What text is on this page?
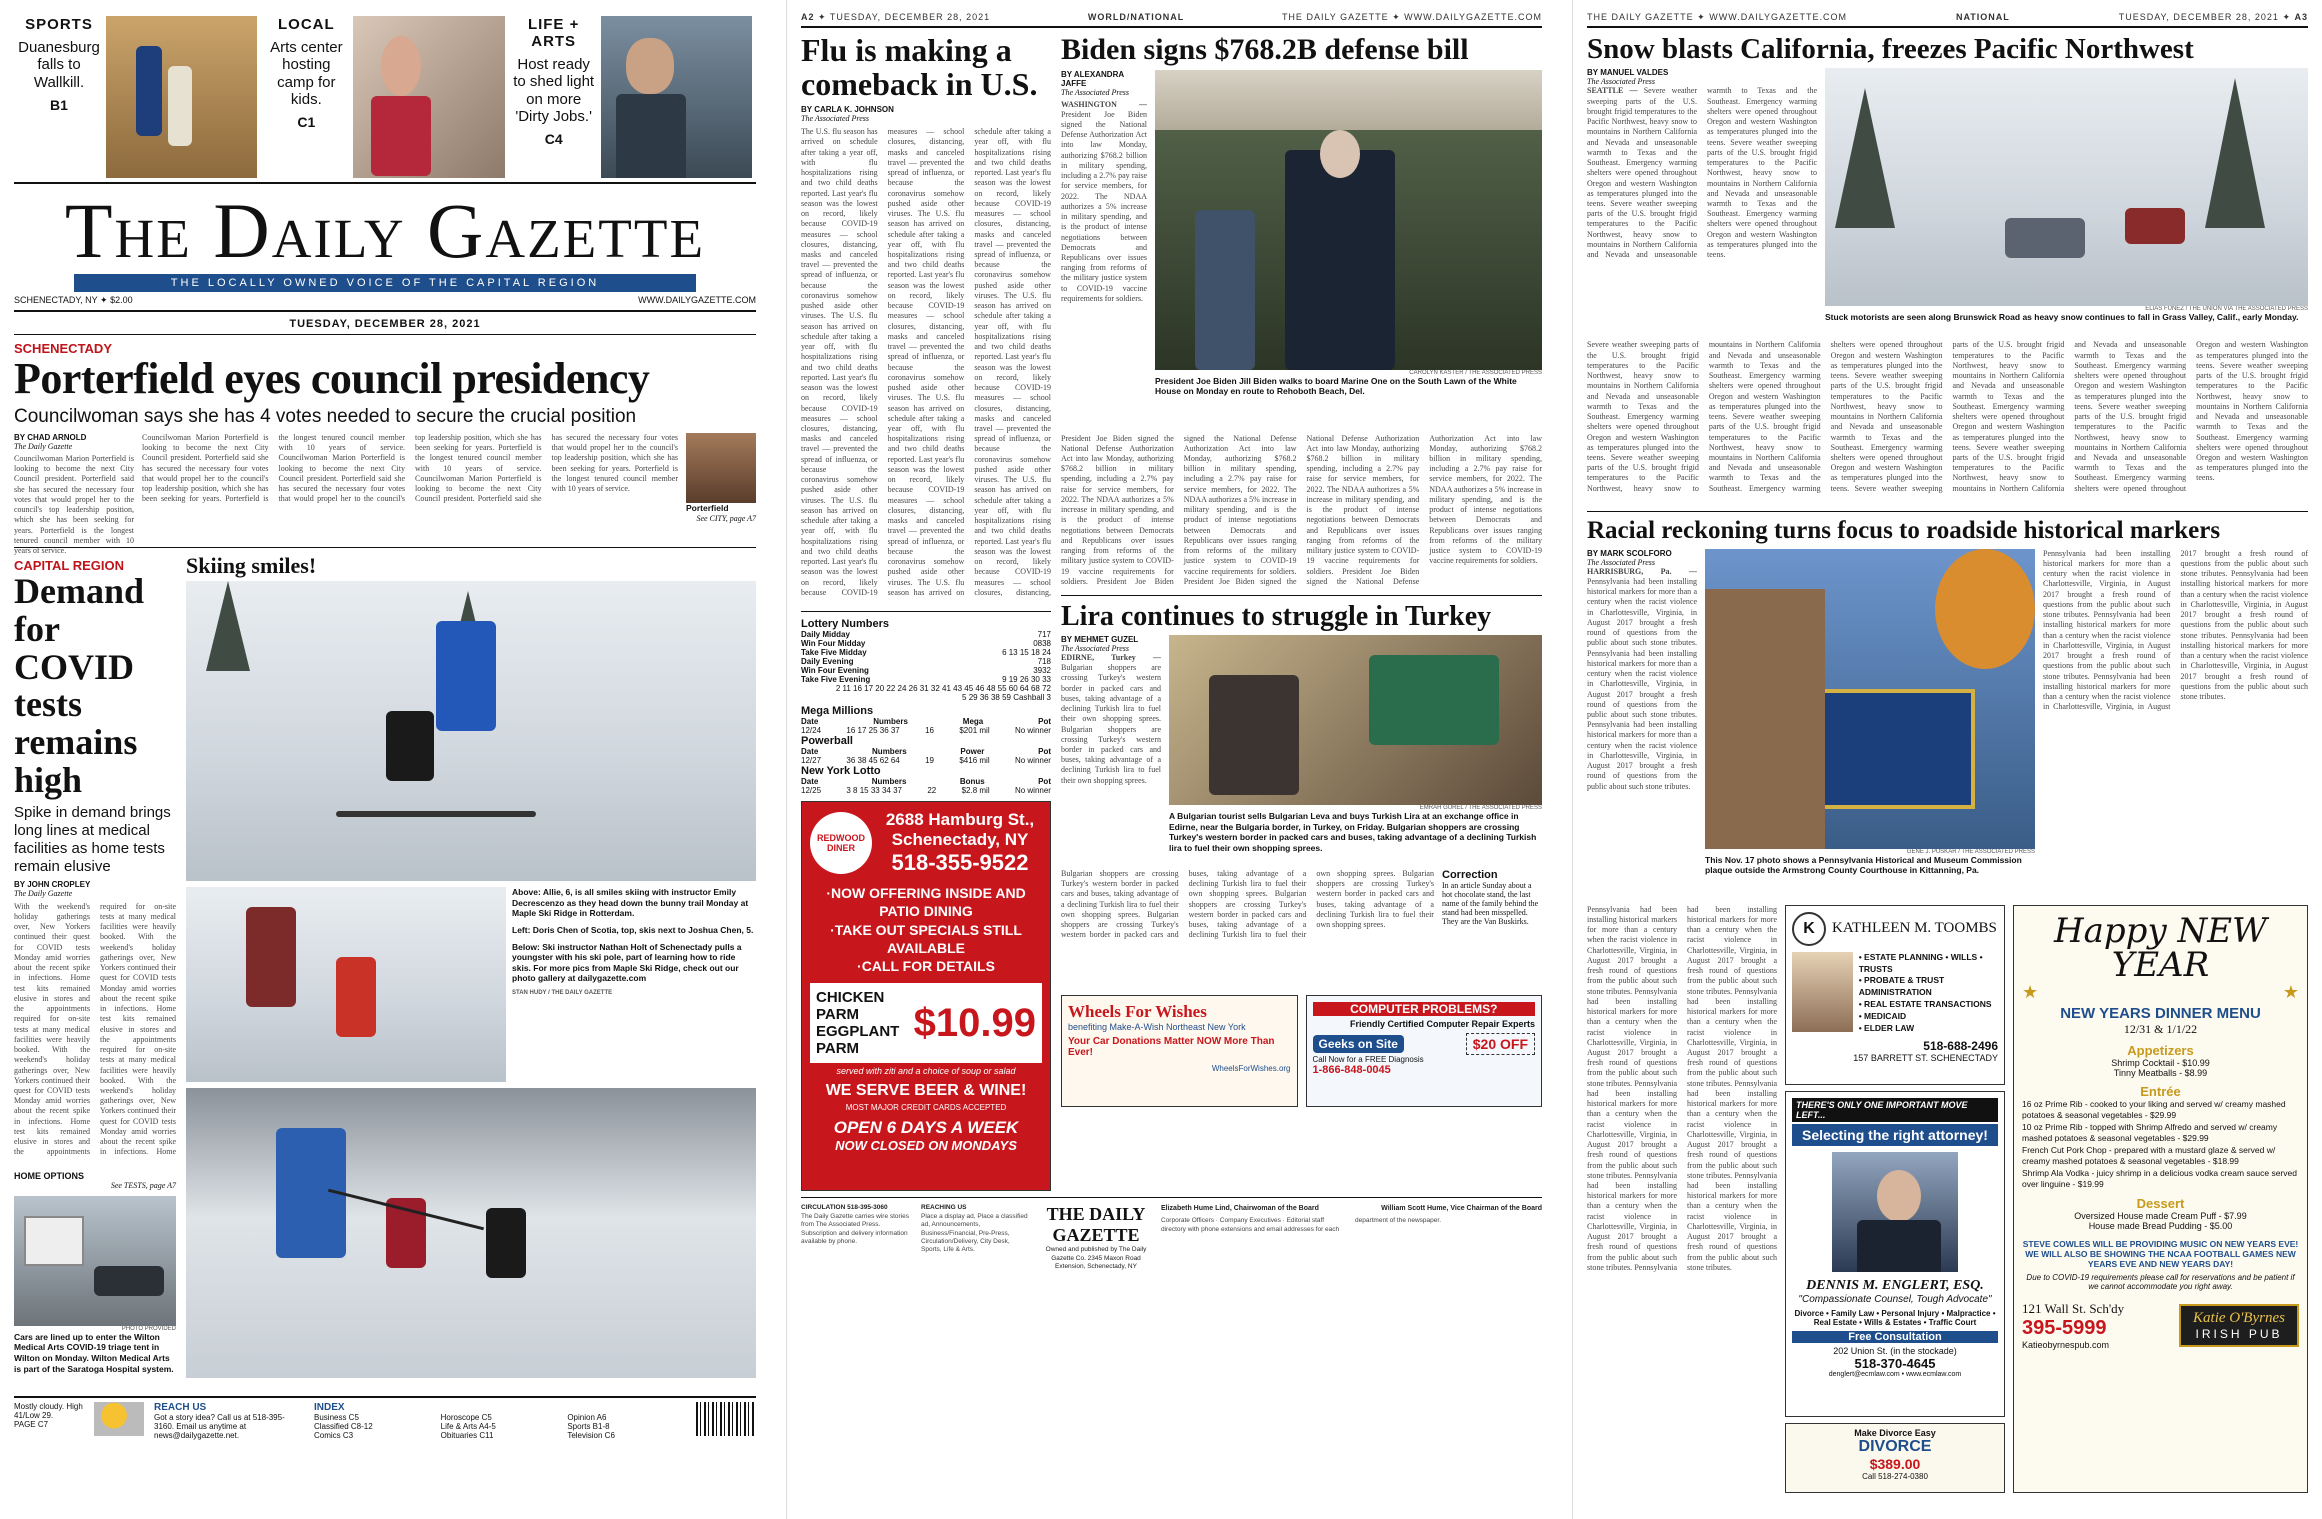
SPORTS
Duanesburg falls to Wallkill.
B1
LOCAL
Arts center hosting camp for kids.
C1
LIFE + ARTS
Host ready to shed light on more 'Dirty Jobs.'
C4
The Daily Gazette
THE LOCALLY OWNED VOICE OF THE CAPITAL REGION
SCHENECTADY, NY ✦ $2.00	WWW.DAILYGAZETTE.COM
TUESDAY, DECEMBER 28, 2021
SCHENECTADY
Porterfield eyes council presidency
Councilwoman says she has 4 votes needed to secure the crucial position
BY CHAD ARNOLD
The Daily Gazette
Councilwoman Marion Porterfield is looking to become the next City Council president. Porterfield said she has secured the necessary four votes that would propel her to the council's top leadership position, which she has been seeking for years. Porterfield is the longest tenured council member with 10 years of service.
Councilwoman Marion Porterfield is looking to become the next City Council president. Porterfield said she has secured the necessary four votes that would propel her to the council's top leadership position, which she has been seeking for years. Porterfield is the longest tenured council member with 10 years of service. Councilwoman Marion Porterfield is looking to become the next City Council president. Porterfield said she has secured the necessary four votes that would propel her to the council's top leadership position, which she has been seeking for years. Porterfield is the longest tenured council member with 10 years of service. Councilwoman Marion Porterfield is looking to become the next City Council president. Porterfield said she has secured the necessary four votes that would propel her to the council's top leadership position, which she has been seeking for years. Porterfield is the longest tenured council member with 10 years of service.
Porterfield
See CITY, page A7
CAPITAL REGION
Demand for COVID tests remains high
Spike in demand brings long lines at medical facilities as home tests remain elusive
BY JOHN CROPLEY
The Daily Gazette
With the weekend's holiday gatherings over, New Yorkers continued their quest for COVID tests Monday amid worries about the recent spike in infections. Home test kits remained elusive in stores and the appointments required for on-site tests at many medical facilities were heavily booked. With the weekend's holiday gatherings over, New Yorkers continued their quest for COVID tests Monday amid worries about the recent spike in infections. Home test kits remained elusive in stores and the appointments required for on-site tests at many medical facilities were heavily booked. With the weekend's holiday gatherings over, New Yorkers continued their quest for COVID tests Monday amid worries about the recent spike in infections. Home test kits remained elusive in stores and the appointments required for on-site tests at many medical facilities were heavily booked. With the weekend's holiday gatherings over, New Yorkers continued their quest for COVID tests Monday amid worries about the recent spike in infections. Home
HOME OPTIONS
See TESTS, page A7
PHOTO PROVIDED
Cars are lined up to enter the Wilton Medical Arts COVID-19 triage tent in Wilton on Monday. Wilton Medical Arts is part of the Saratoga Hospital system.
Skiing smiles!

Above: Allie, 6, is all smiles skiing with instructor Emily Decrescenzo as they head down the bunny trail Monday at Maple Ski Ridge in Rotterdam.

Left: Doris Chen of Scotia, top, skis next to Joshua Chen, 5.

Below: Ski instructor Nathan Holt of Schenectady pulls a youngster with his ski pole, part of learning how to ride skis. For more pics from Maple Ski Ridge, check out our photo gallery at dailygazette.com

STAN HUDY / THE DAILY GAZETTE

Mostly cloudy. High 41/Low 29.
PAGE C7
REACH US
Got a story idea? Call us at 518-395-3160. Email us anytime at news@dailygazette.net.
INDEX
Business C5	Horoscope C5	Opinion A6
Classified C8-12	Life & Arts A4-5	Sports B1-8
Comics C3	Obituaries C11	Television C6
A2 ✦ TUESDAY, DECEMBER 28, 2021	WORLD/NATIONAL	THE DAILY GAZETTE ✦ WWW.DAILYGAZETTE.COM
Flu is making a comeback in U.S.
BY CARLA K. JOHNSON
The Associated Press
The U.S. flu season has arrived on schedule after taking a year off, with flu hospitalizations rising and two child deaths reported. Last year's flu season was the lowest on record, likely because COVID-19 measures — school closures, distancing, masks and canceled travel — prevented the spread of influenza, or because the coronavirus somehow pushed aside other viruses. The U.S. flu season has arrived on schedule after taking a year off, with flu hospitalizations rising and two child deaths reported. Last year's flu season was the lowest on record, likely because COVID-19 measures — school closures, distancing, masks and canceled travel — prevented the spread of influenza, or because the coronavirus somehow pushed aside other viruses. The U.S. flu season has arrived on schedule after taking a year off, with flu hospitalizations rising and two child deaths reported. Last year's flu season was the lowest on record, likely because COVID-19 measures — school closures, distancing, masks and canceled travel — prevented the spread of influenza, or because the coronavirus somehow pushed aside other viruses. The U.S. flu season has arrived on schedule after taking a year off, with flu hospitalizations rising and two child deaths reported. Last year's flu season was the lowest on record, likely because COVID-19 measures — school closures, distancing, masks and canceled travel — prevented the spread of influenza, or because the coronavirus somehow pushed aside other viruses. The U.S. flu season has arrived on schedule after taking a year off, with flu hospitalizations rising and two child deaths reported. Last year's flu season was the lowest on record, likely because COVID-19 measures — school closures, distancing, masks and canceled travel — prevented the spread of influenza, or because the coronavirus somehow pushed aside other viruses. The U.S. flu season has arrived on schedule after taking a year off, with flu hospitalizations rising and two child deaths reported. Last year's flu season was the lowest on record, likely because COVID-19 measures — school closures, distancing, masks and canceled travel — prevented the spread of influenza, or because the coronavirus somehow pushed aside other viruses. The U.S. flu season has arrived on schedule after taking a year off, with flu hospitalizations rising and two child deaths reported. Last year's flu season was the lowest on record, likely because COVID-19 measures — school closures, distancing, masks and canceled travel — prevented the spread of influenza, or because the coronavirus somehow pushed aside other viruses. The U.S. flu season has arrived on schedule after taking a year off, with flu hospitalizations rising and two child deaths reported. Last year's flu season was the lowest on record, likely because COVID-19 measures — school closures, distancing,
Lottery Numbers
Daily Midday	717
Win Four Midday	0838
Take Five Midday	6 13 15 18 24
Daily Evening	718
Win Four Evening	3932
Take Five Evening	9 19 26 30 33
2 11 16 17 20 22 24 26 31 32 41 43 45 46 48 55 60 64 68 72
5 29 36 38 59 Cashball 3
Mega Millions
Date	Numbers	Mega	Pot
12/24	16 17 25 36 37	16	$201 mil	No winner
Powerball
Date	Numbers	Power	Pot
12/27	36 38 45 62 64	19	$416 mil	No winner
New York Lotto
Date	Numbers	Bonus	Pot
12/25	3 8 15 33 34 37	22	$2.8 mil	No winner
REDWOOD DINER
2688 Hamburg St., Schenectady, NY
518-355-9522
·NOW OFFERING INSIDE AND PATIO DINING
·TAKE OUT SPECIALS STILL AVAILABLE
·CALL FOR DETAILS
CHICKEN PARM EGGPLANT PARM
$10.99
served with ziti and a choice of soup or salad
WE SERVE BEER & WINE!
MOST MAJOR CREDIT CARDS ACCEPTED
OPEN 6 DAYS A WEEK
NOW CLOSED ON MONDAYS
Biden signs $768.2B defense bill
BY ALEXANDRA JAFFE
The Associated Press
WASHINGTON — President Joe Biden signed the National Defense Authorization Act into law Monday, authorizing $768.2 billion in military spending, including a 2.7% pay raise for service members, for 2022. The NDAA authorizes a 5% increase in military spending, and is the product of intense negotiations between Democrats and Republicans over issues ranging from reforms of the military justice system to COVID-19 vaccine requirements for soldiers.
CAROLYN KASTER / THE ASSOCIATED PRESS
President Joe Biden Jill Biden walks to board Marine One on the South Lawn of the White House on Monday en route to Rehoboth Beach, Del.
President Joe Biden signed the National Defense Authorization Act into law Monday, authorizing $768.2 billion in military spending, including a 2.7% pay raise for service members, for 2022. The NDAA authorizes a 5% increase in military spending, and is the product of intense negotiations between Democrats and Republicans over issues ranging from reforms of the military justice system to COVID-19 vaccine requirements for soldiers. President Joe Biden signed the National Defense Authorization Act into law Monday, authorizing $768.2 billion in military spending, including a 2.7% pay raise for service members, for 2022. The NDAA authorizes a 5% increase in military spending, and is the product of intense negotiations between Democrats and Republicans over issues ranging from reforms of the military justice system to COVID-19 vaccine requirements for soldiers. President Joe Biden signed the National Defense Authorization Act into law Monday, authorizing $768.2 billion in military spending, including a 2.7% pay raise for service members, for 2022. The NDAA authorizes a 5% increase in military spending, and is the product of intense negotiations between Democrats and Republicans over issues ranging from reforms of the military justice system to COVID-19 vaccine requirements for soldiers. President Joe Biden signed the National Defense Authorization Act into law Monday, authorizing $768.2 billion in military spending, including a 2.7% pay raise for service members, for 2022. The NDAA authorizes a 5% increase in military spending, and is the product of intense negotiations between Democrats and Republicans over issues ranging from reforms of the military justice system to COVID-19 vaccine requirements for soldiers.
Lira continues to struggle in Turkey
BY MEHMET GUZEL
The Associated Press
EDIRNE, Turkey — Bulgarian shoppers are crossing Turkey's western border in packed cars and buses, taking advantage of a declining Turkish lira to fuel their own shopping sprees. Bulgarian shoppers are crossing Turkey's western border in packed cars and buses, taking advantage of a declining Turkish lira to fuel their own shopping sprees.
EMRAH GUREL / THE ASSOCIATED PRESS
A Bulgarian tourist sells Bulgarian Leva and buys Turkish Lira at an exchange office in Edirne, near the Bulgaria border, in Turkey, on Friday. Bulgarian shoppers are crossing Turkey's western border in packed cars and buses, taking advantage of a declining Turkish lira to fuel their own shopping sprees.
Bulgarian shoppers are crossing Turkey's western border in packed cars and buses, taking advantage of a declining Turkish lira to fuel their own shopping sprees. Bulgarian shoppers are crossing Turkey's western border in packed cars and buses, taking advantage of a declining Turkish lira to fuel their own shopping sprees. Bulgarian shoppers are crossing Turkey's western border in packed cars and buses, taking advantage of a declining Turkish lira to fuel their own shopping sprees. Bulgarian shoppers are crossing Turkey's western border in packed cars and buses, taking advantage of a declining Turkish lira to fuel their own shopping sprees.
Correction
In an article Sunday about a hot chocolate stand, the last name of the family behind the stand had been misspelled. They are the Van Buskirks.
Wheels For Wishes
benefiting Make-A-Wish Northeast New York
Your Car Donations Matter NOW More Than Ever!
WheelsForWishes.org
COMPUTER PROBLEMS?
Friendly Certified Computer Repair Experts
Geeks on Site	$20 OFF
Call Now for a FREE Diagnosis
1-866-848-0045
CIRCULATION 518-395-3060
The Daily Gazette carries wire stories from The Associated Press. Subscription and delivery information available by phone.
REACHING US
Place a display ad, Place a classified ad, Announcements, Business/Financial, Pre-Press, Circulation/Delivery, City Desk, Sports, Life & Arts.
THE DAILY GAZETTE
Owned and published by The Daily Gazette Co. 2345 Maxon Road Extension, Schenectady, NY
Elizabeth Hume Lind, Chairwoman of the Board	William Scott Hume, Vice Chairman of the Board
Corporate Officers · Company Executives · Editorial staff directory with phone extensions and email addresses for each department of the newspaper.
THE DAILY GAZETTE ✦ WWW.DAILYGAZETTE.COM	NATIONAL	TUESDAY, DECEMBER 28, 2021 ✦ A3
Snow blasts California, freezes Pacific Northwest
BY MANUEL VALDES
The Associated Press
SEATTLE — Severe weather sweeping parts of the U.S. brought frigid temperatures to the Pacific Northwest, heavy snow to mountains in Northern California and Nevada and unseasonable warmth to Texas and the Southeast. Emergency warming shelters were opened throughout Oregon and western Washington as temperatures plunged into the teens. Severe weather sweeping parts of the U.S. brought frigid temperatures to the Pacific Northwest, heavy snow to mountains in Northern California and Nevada and unseasonable warmth to Texas and the Southeast. Emergency warming shelters were opened throughout Oregon and western Washington as temperatures plunged into the teens. Severe weather sweeping parts of the U.S. brought frigid temperatures to the Pacific Northwest, heavy snow to mountains in Northern California and Nevada and unseasonable warmth to Texas and the Southeast. Emergency warming shelters were opened throughout Oregon and western Washington as temperatures plunged into the teens.
ELIAS FUNEZ / THE UNION VIA THE ASSOCIATED PRESS
Stuck motorists are seen along Brunswick Road as heavy snow continues to fall in Grass Valley, Calif., early Monday.
Severe weather sweeping parts of the U.S. brought frigid temperatures to the Pacific Northwest, heavy snow to mountains in Northern California and Nevada and unseasonable warmth to Texas and the Southeast. Emergency warming shelters were opened throughout Oregon and western Washington as temperatures plunged into the teens. Severe weather sweeping parts of the U.S. brought frigid temperatures to the Pacific Northwest, heavy snow to mountains in Northern California and Nevada and unseasonable warmth to Texas and the Southeast. Emergency warming shelters were opened throughout Oregon and western Washington as temperatures plunged into the teens. Severe weather sweeping parts of the U.S. brought frigid temperatures to the Pacific Northwest, heavy snow to mountains in Northern California and Nevada and unseasonable warmth to Texas and the Southeast. Emergency warming shelters were opened throughout Oregon and western Washington as temperatures plunged into the teens. Severe weather sweeping parts of the U.S. brought frigid temperatures to the Pacific Northwest, heavy snow to mountains in Northern California and Nevada and unseasonable warmth to Texas and the Southeast. Emergency warming shelters were opened throughout Oregon and western Washington as temperatures plunged into the teens. Severe weather sweeping parts of the U.S. brought frigid temperatures to the Pacific Northwest, heavy snow to mountains in Northern California and Nevada and unseasonable warmth to Texas and the Southeast. Emergency warming shelters were opened throughout Oregon and western Washington as temperatures plunged into the teens. Severe weather sweeping parts of the U.S. brought frigid temperatures to the Pacific Northwest, heavy snow to mountains in Northern California and Nevada and unseasonable warmth to Texas and the Southeast. Emergency warming shelters were opened throughout Oregon and western Washington as temperatures plunged into the teens. Severe weather sweeping parts of the U.S. brought frigid temperatures to the Pacific Northwest, heavy snow to mountains in Northern California and Nevada and unseasonable warmth to Texas and the Southeast. Emergency warming shelters were opened throughout Oregon and western Washington as temperatures plunged into the teens. Severe weather sweeping parts of the U.S. brought frigid temperatures to the Pacific Northwest, heavy snow to mountains in Northern California and Nevada and unseasonable warmth to Texas and the Southeast. Emergency warming shelters were opened throughout Oregon and western Washington as temperatures plunged into the teens.
Racial reckoning turns focus to roadside historical markers
BY MARK SCOLFORO
The Associated Press
HARRISBURG, Pa. — Pennsylvania had been installing historical markers for more than a century when the racist violence in Charlottesville, Virginia, in August 2017 brought a fresh round of questions from the public about such stone tributes. Pennsylvania had been installing historical markers for more than a century when the racist violence in Charlottesville, Virginia, in August 2017 brought a fresh round of questions from the public about such stone tributes. Pennsylvania had been installing historical markers for more than a century when the racist violence in Charlottesville, Virginia, in August 2017 brought a fresh round of questions from the public about such stone tributes.
GENE J. PUSKAR / THE ASSOCIATED PRESS
This Nov. 17 photo shows a Pennsylvania Historical and Museum Commission plaque outside the Armstrong County Courthouse in Kittanning, Pa.
Pennsylvania had been installing historical markers for more than a century when the racist violence in Charlottesville, Virginia, in August 2017 brought a fresh round of questions from the public about such stone tributes. Pennsylvania had been installing historical markers for more than a century when the racist violence in Charlottesville, Virginia, in August 2017 brought a fresh round of questions from the public about such stone tributes. Pennsylvania had been installing historical markers for more than a century when the racist violence in Charlottesville, Virginia, in August 2017 brought a fresh round of questions from the public about such stone tributes. Pennsylvania had been installing historical markers for more than a century when the racist violence in Charlottesville, Virginia, in August 2017 brought a fresh round of questions from the public about such stone tributes. Pennsylvania had been installing historical markers for more than a century when the racist violence in Charlottesville, Virginia, in August 2017 brought a fresh round of questions from the public about such stone tributes.
Pennsylvania had been installing historical markers for more than a century when the racist violence in Charlottesville, Virginia, in August 2017 brought a fresh round of questions from the public about such stone tributes. Pennsylvania had been installing historical markers for more than a century when the racist violence in Charlottesville, Virginia, in August 2017 brought a fresh round of questions from the public about such stone tributes. Pennsylvania had been installing historical markers for more than a century when the racist violence in Charlottesville, Virginia, in August 2017 brought a fresh round of questions from the public about such stone tributes. Pennsylvania had been installing historical markers for more than a century when the racist violence in Charlottesville, Virginia, in August 2017 brought a fresh round of questions from the public about such stone tributes. Pennsylvania had been installing historical markers for more than a century when the racist violence in Charlottesville, Virginia, in August 2017 brought a fresh round of questions from the public about such stone tributes. Pennsylvania had been installing historical markers for more than a century when the racist violence in Charlottesville, Virginia, in August 2017 brought a fresh round of questions from the public about such stone tributes. Pennsylvania had been installing historical markers for more than a century when the racist violence in Charlottesville, Virginia, in August 2017 brought a fresh round of questions from the public about such stone tributes. Pennsylvania had been installing historical markers for more than a century when the racist violence in Charlottesville, Virginia, in August 2017 brought a fresh round of questions from the public about such stone tributes.
K	KATHLEEN M. TOOMBS
• ESTATE PLANNING • WILLS • TRUSTS
• PROBATE & TRUST ADMINISTRATION
• REAL ESTATE TRANSACTIONS
• MEDICAID
• ELDER LAW
518-688-2496
157 BARRETT ST. SCHENECTADY
THERE'S ONLY ONE IMPORTANT MOVE LEFT...
Selecting the right attorney!
DENNIS M. ENGLERT, ESQ.
"Compassionate Counsel, Tough Advocate"
Divorce • Family Law • Personal Injury • Malpractice • Real Estate • Wills & Estates • Traffic Court
Free Consultation
202 Union St. (in the stockade)
518-370-4645
denglert@ecmlaw.com • www.ecmlaw.com
Make Divorce Easy
DIVORCE
$389.00
Call 518-274-0380
Happy NEW YEAR
★	★
NEW YEARS DINNER MENU
12/31 & 1/1/22
Appetizers
Shrimp Cocktail - $10.99
Tinny Meatballs - $8.99
Entrée
16 oz Prime Rib - cooked to your liking and served w/ creamy mashed potatoes & seasonal vegetables - $29.99
10 oz Prime Rib - topped with Shrimp Alfredo and served w/ creamy mashed potatoes & seasonal vegetables - $29.99
French Cut Pork Chop - prepared with a mustard glaze & served w/ creamy mashed potatoes & seasonal vegetables - $18.99
Shrimp Ala Vodka - juicy shrimp in a delicious vodka cream sauce served over linguine - $19.99
Dessert
Oversized House made Cream Puff - $7.99
House made Bread Pudding - $5.00
STEVE COWLES WILL BE PROVIDING MUSIC ON NEW YEARS EVE! WE WILL ALSO BE SHOWING THE NCAA FOOTBALL GAMES NEW YEARS EVE AND NEW YEARS DAY!
Due to COVID-19 requirements please call for reservations and be patient if we cannot accommodate you right away.
121 Wall St. Sch'dy
395-5999
Katieobyrnespub.com
Katie O'Byrnes
IRISH PUB
